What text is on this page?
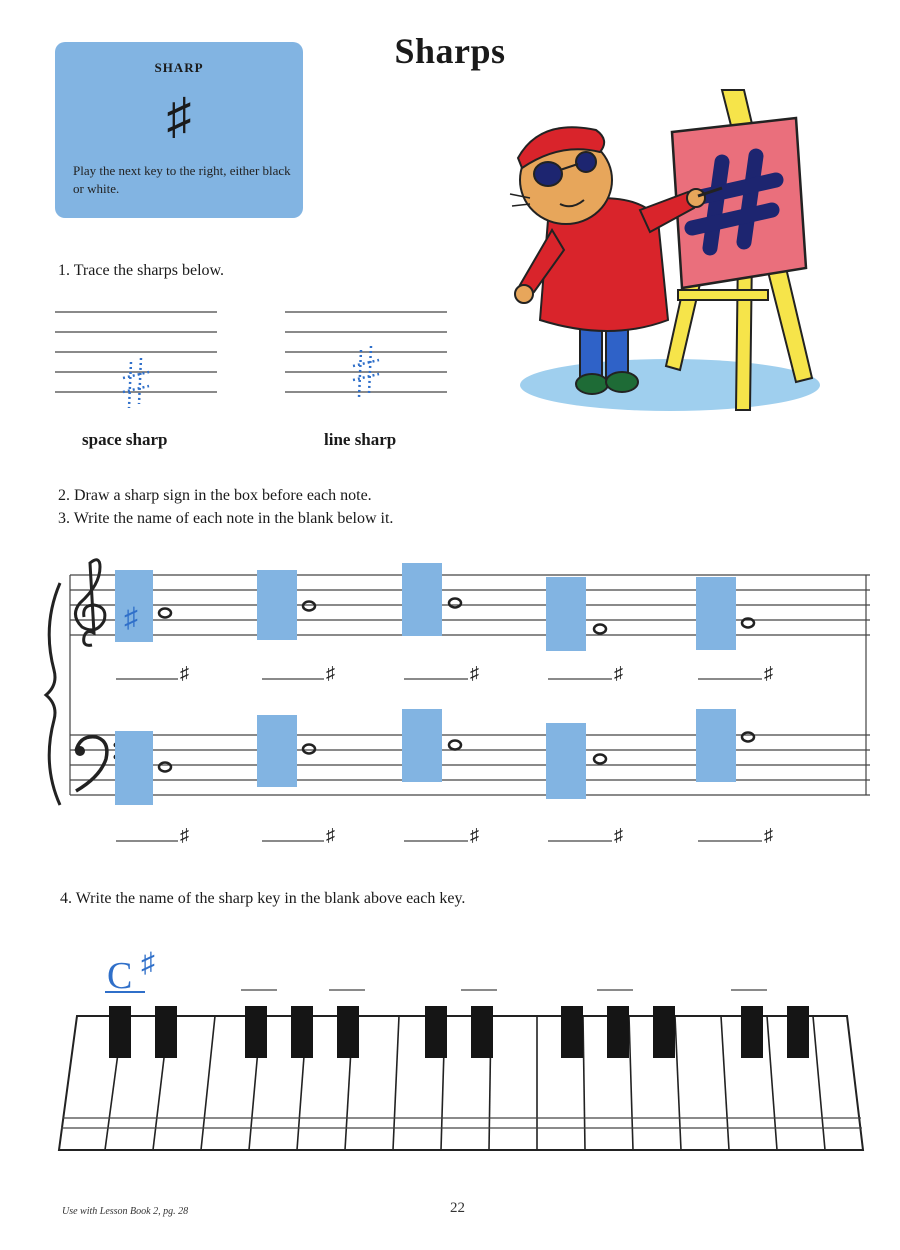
Sharps
SHARP
♯
Play the next key to the right, either black or white.
1. Trace the sharps below.
space sharp	line sharp
2. Draw a sharp sign in the box before each note.
3. Write the name of each note in the blank below it.
♯
♯	♯	♯	♯	♯
♯	♯	♯	♯	♯
4. Write the name of the sharp key in the blank above each key.
C ♯
Use with Lesson Book 2, pg. 28	22
